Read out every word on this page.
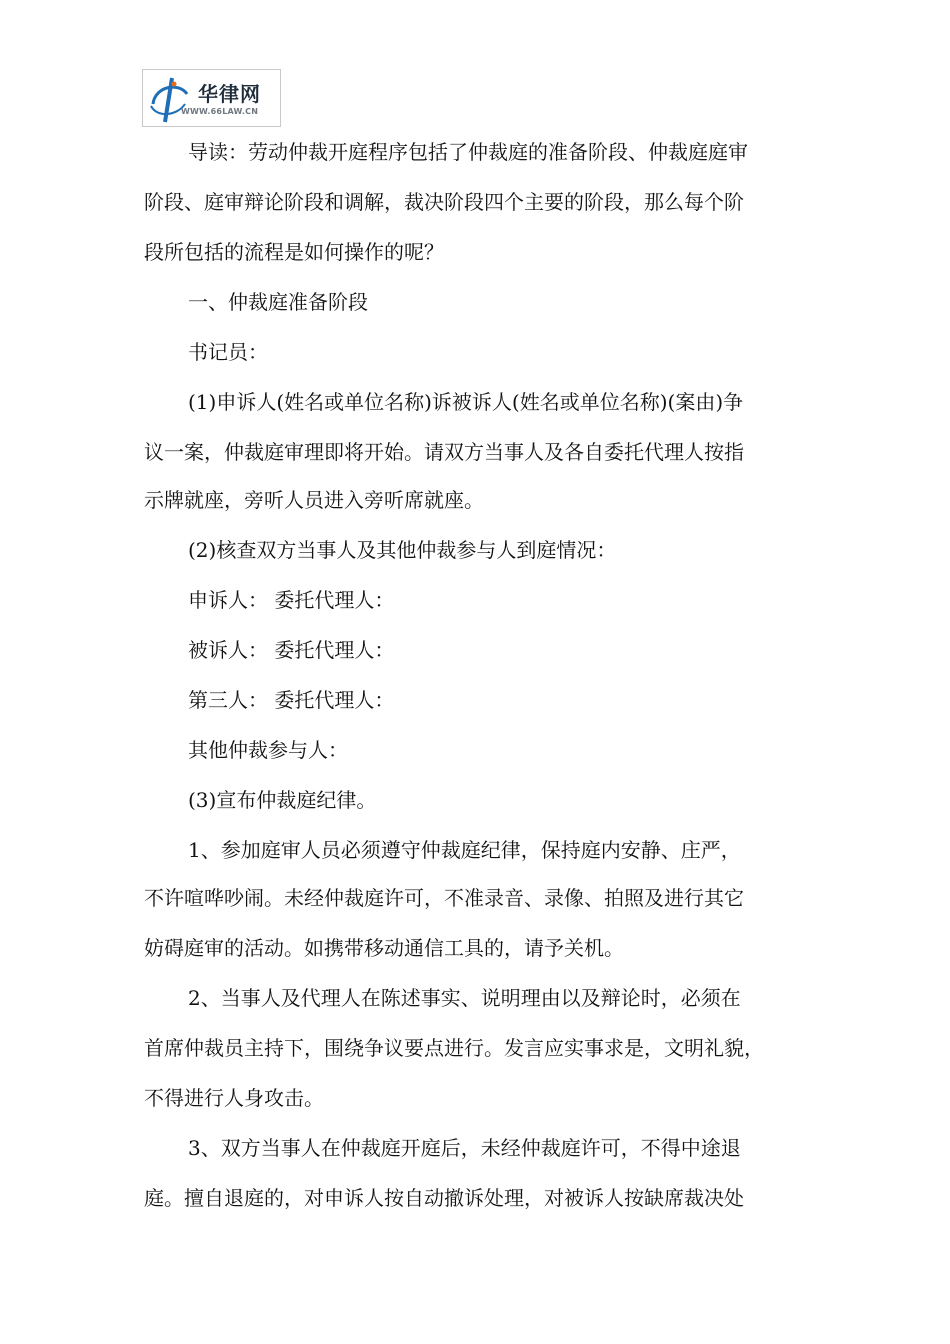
华律网
WWW.66LAW.CN
导读：劳动仲裁开庭程序包括了仲裁庭的准备阶段、仲裁庭庭审
阶段、庭审辩论阶段和调解，裁决阶段四个主要的阶段，那么每个阶
段所包括的流程是如何操作的呢？
一、仲裁庭准备阶段
书记员：
(1)申诉人(姓名或单位名称)诉被诉人(姓名或单位名称)(案由)争
议一案，仲裁庭审理即将开始。请双方当事人及各自委托代理人按指
示牌就座，旁听人员进入旁听席就座。
(2)核查双方当事人及其他仲裁参与人到庭情况：
申诉人： 委托代理人：
被诉人： 委托代理人：
第三人： 委托代理人：
其他仲裁参与人：
(3)宣布仲裁庭纪律。
1、参加庭审人员必须遵守仲裁庭纪律，保持庭内安静、庄严，
不许喧哗吵闹。未经仲裁庭许可，不准录音、录像、拍照及进行其它
妨碍庭审的活动。如携带移动通信工具的，请予关机。
2、当事人及代理人在陈述事实、说明理由以及辩论时，必须在
首席仲裁员主持下，围绕争议要点进行。发言应实事求是，文明礼貌，
不得进行人身攻击。
3、双方当事人在仲裁庭开庭后，未经仲裁庭许可，不得中途退
庭。擅自退庭的，对申诉人按自动撤诉处理，对被诉人按缺席裁决处
